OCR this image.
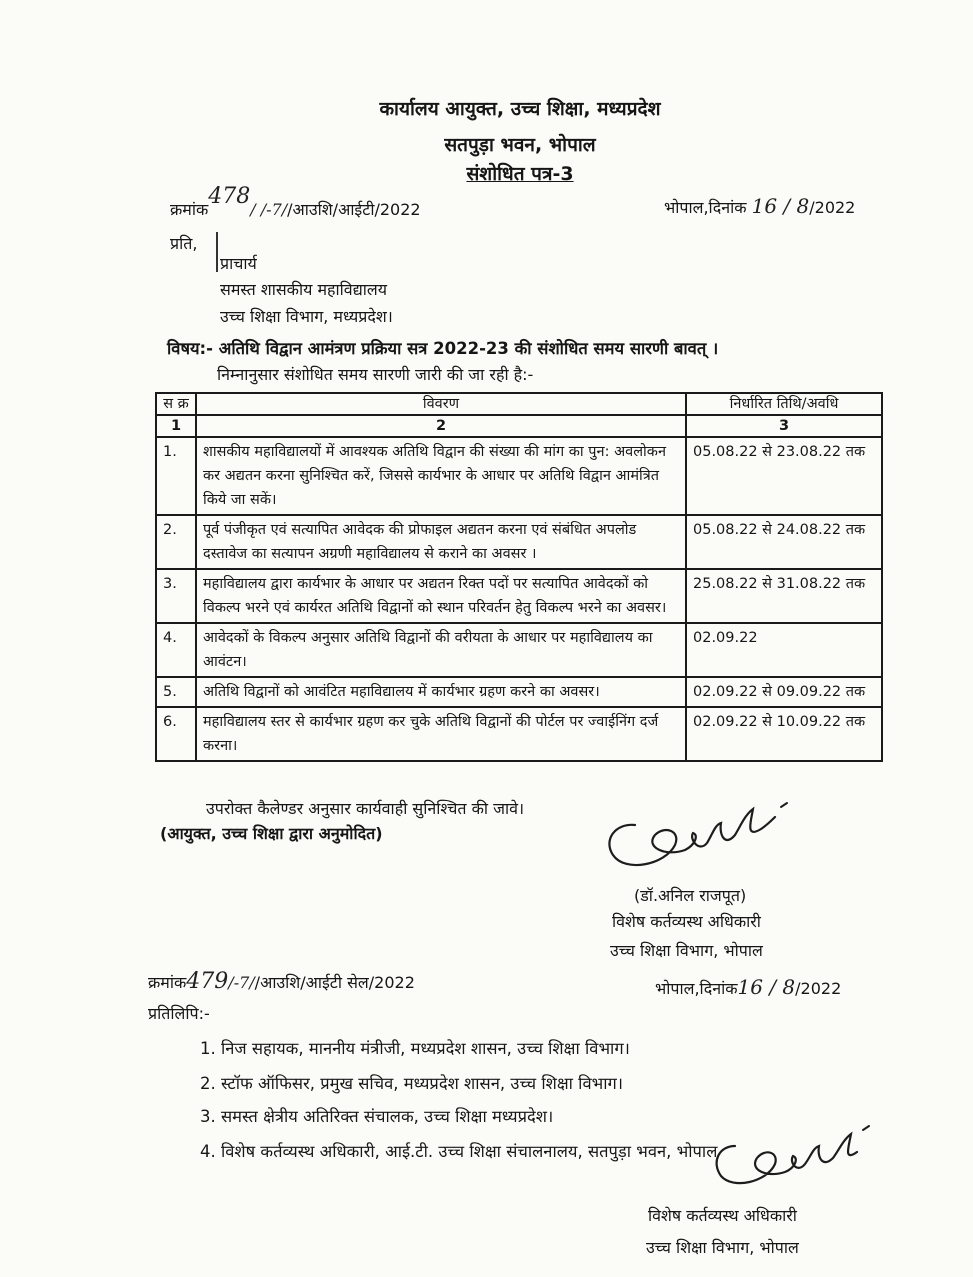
कार्यालय आयुक्त, उच्च शिक्षा, मध्यप्रदेश
सतपुड़ा भवन, भोपाल
संशोधित पत्र-3
क्रमांक478/ /-7//आउशि/आईटी/2022	भोपाल,दिनांक 16 / 8/2022
प्रति,
प्राचार्य
समस्त शासकीय महाविद्यालय
उच्च शिक्षा विभाग, मध्यप्रदेश।
विषय:- अतिथि विद्वान आमंत्रण प्रक्रिया सत्र 2022-23 की संशोधित समय सारणी बावत् ।
निम्नानुसार संशोधित समय सारणी जारी की जा रही है:-
स क्र	विवरण	निर्धारित तिथि/अवधि
1	2	3
1.	शासकीय महाविद्यालयों में आवश्यक अतिथि विद्वान की संख्या की मांग का पुन: अवलोकन कर अद्यतन करना सुनिश्चित करें, जिससे कार्यभार के आधार पर अतिथि विद्वान आमंत्रित किये जा सकें।	05.08.22 से 23.08.22 तक
2.	पूर्व पंजीकृत एवं सत्यापित आवेदक की प्रोफाइल अद्यतन करना एवं संबंधित अपलोड दस्तावेज का सत्यापन अग्रणी महाविद्यालय से कराने का अवसर ।	05.08.22 से 24.08.22 तक
3.	महाविद्यालय द्वारा कार्यभार के आधार पर अद्यतन रिक्त पदों पर सत्यापित आवेदकों को विकल्प भरने एवं कार्यरत अतिथि विद्वानों को स्थान परिवर्तन हेतु विकल्प भरने का अवसर।	25.08.22 से 31.08.22 तक
4.	आवेदकों के विकल्प अनुसार अतिथि विद्वानों की वरीयता के आधार पर महाविद्यालय का आवंटन।	02.09.22
5.	अतिथि विद्वानों को आवंटित महाविद्यालय में कार्यभार ग्रहण करने का अवसर।	02.09.22 से 09.09.22 तक
6.	महाविद्यालय स्तर से कार्यभार ग्रहण कर चुके अतिथि विद्वानों की पोर्टल पर ज्वाईनिंग दर्ज करना।	02.09.22 से 10.09.22 तक
उपरोक्त कैलेण्डर अनुसार कार्यवाही सुनिश्चित की जावे।
(आयुक्त, उच्च शिक्षा द्वारा अनुमोदित)
(डॉ.अनिल राजपूत)
विशेष कर्तव्यस्थ अधिकारी
उच्च शिक्षा विभाग, भोपाल
क्रमांक479/-7//आउशि/आईटी सेल/2022	भोपाल,दिनांक16 / 8/2022
प्रतिलिपि:-
1. निज सहायक, माननीय मंत्रीजी, मध्यप्रदेश शासन, उच्च शिक्षा विभाग।
2. स्टॉफ ऑफिसर, प्रमुख सचिव, मध्यप्रदेश शासन, उच्च शिक्षा विभाग।
3. समस्त क्षेत्रीय अतिरिक्त संचालक, उच्च शिक्षा मध्यप्रदेश।
4. विशेष कर्तव्यस्थ अधिकारी, आई.टी. उच्च शिक्षा संचालनालय, सतपुड़ा भवन, भोपाल
विशेष कर्तव्यस्थ अधिकारी
उच्च शिक्षा विभाग, भोपाल
